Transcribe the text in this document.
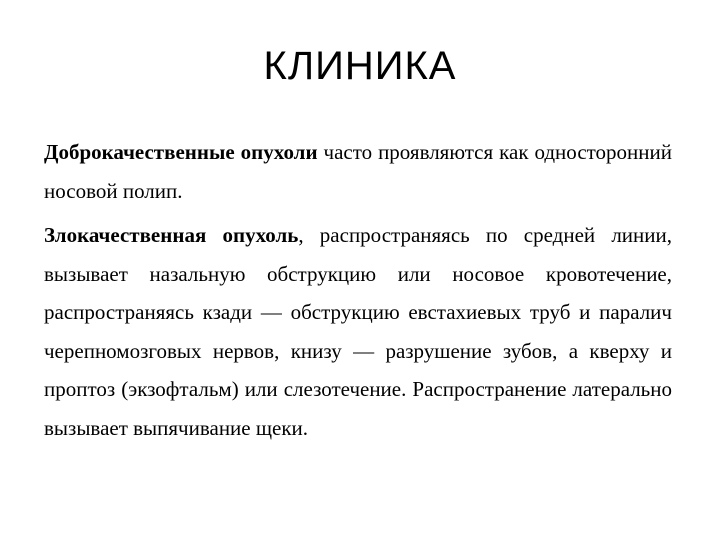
КЛИНИКА

Доброкачественные опухоли часто проявляются как односторонний носовой полип.

Злокачественная опухоль, распространяясь по средней линии, вызывает назальную обструкцию или носовое кровотечение, распространяясь кзади — обструкцию евстахиевых труб и паралич черепномозговых нервов, книзу — разрушение зубов, а кверху и проптоз (экзофтальм) или слезотечение. Распространение латерально вызывает выпячивание щеки.
